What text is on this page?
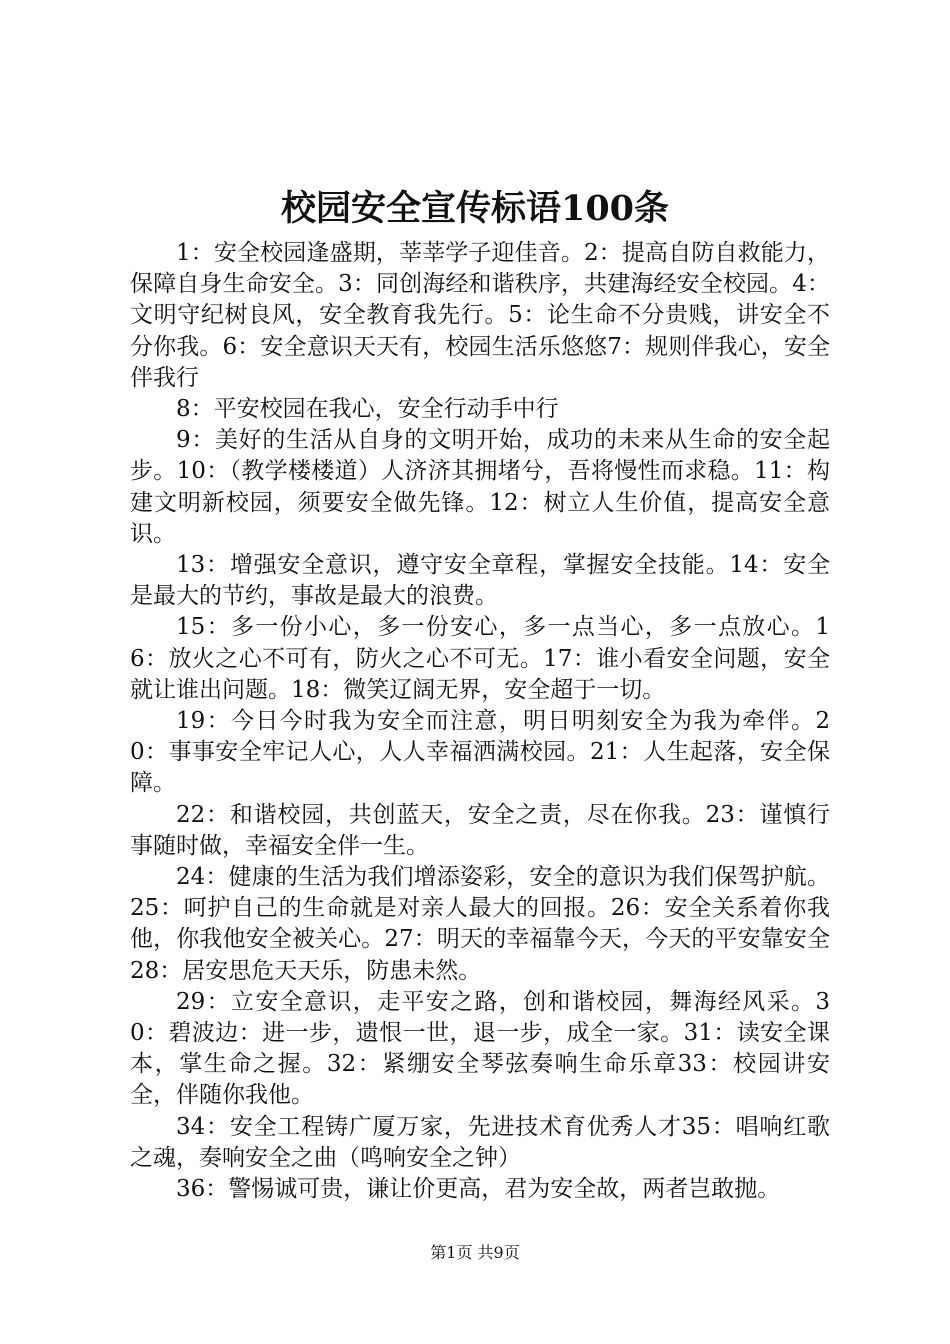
校园安全宣传标语100条

1：安全校园逢盛期，莘莘学子迎佳音。2：提高自防自救能力，保障自身生命安全。3：同创海经和谐秩序，共建海经安全校园。4：文明守纪树良风，安全教育我先行。5：论生命不分贵贱，讲安全不分你我。6：安全意识天天有，校园生活乐悠悠7：规则伴我心，安全伴我行

8：平安校园在我心，安全行动手中行

9：美好的生活从自身的文明开始，成功的未来从生命的安全起步。10：（教学楼楼道）人济济其拥堵兮，吾将慢性而求稳。11：构建文明新校园，须要安全做先锋。12：树立人生价值，提高安全意识。

13：增强安全意识，遵守安全章程，掌握安全技能。14：安全是最大的节约，事故是最大的浪费。

15：多一份小心，多一份安心，多一点当心，多一点放心。16：放火之心不可有，防火之心不可无。17：谁小看安全问题，安全就让谁出问题。18：微笑辽阔无界，安全超于一切。

19：今日今时我为安全而注意，明日明刻安全为我为牵伴。20：事事安全牢记人心，人人幸福洒满校园。21：人生起落，安全保障。

22：和谐校园，共创蓝天，安全之责，尽在你我。23：谨慎行事随时做，幸福安全伴一生。

24：健康的生活为我们增添姿彩，安全的意识为我们保驾护航。25：呵护自己的生命就是对亲人最大的回报。26：安全关系着你我他，你我他安全被关心。27：明天的幸福靠今天，今天的平安靠安全28：居安思危天天乐，防患未然。

29：立安全意识，走平安之路，创和谐校园，舞海经风采。30：碧波边：进一步，遗恨一世，退一步，成全一家。31：读安全课本，掌生命之握。32：紧绷安全琴弦奏响生命乐章33：校园讲安全，伴随你我他。

34：安全工程铸广厦万家，先进技术育优秀人才35：唱响红歌之魂，奏响安全之曲（鸣响安全之钟）

36：警惕诚可贵，谦让价更高，君为安全故，两者岂敢抛。

第1页 共9页
